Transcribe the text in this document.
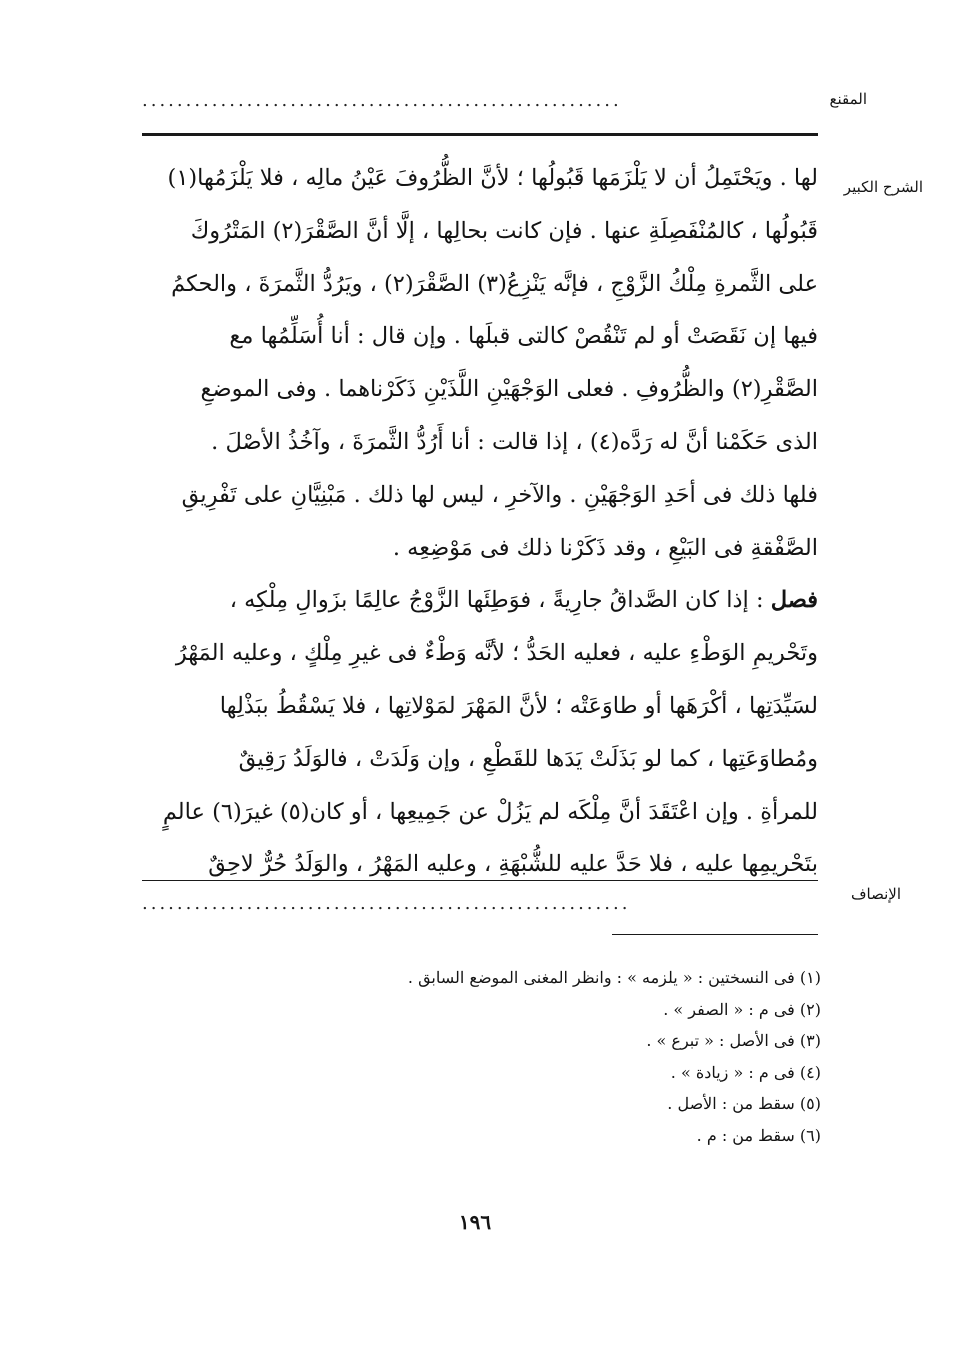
المقنع
.......................................................
الشرح الكبير
لها . ويَحْتَمِلُ أن لا يَلْزَمَها قَبُولُها ؛ لأنَّ الظُّرُوفَ عَيْنُ مالِه ، فلا يَلْزَمُها(١)
قَبُولُها ، كالمُنْفَصِلَةِ عنها . فإن كانت بحالِها ، إلَّا أنَّ الصَّقْرَ(٢) المَتْرُوكَ
على الثَّمرةِ مِلْكُ الزَّوْجِ ، فإنَّه يَنْزِعُ(٣) الصَّقْرَ(٢) ، ويَرُدُّ الثَّمرَةَ ، والحكمُ
فيها إن نَقَصَتْ أو لم تَنْقُصْ كالتى قبلَها . وإن قال : أنا أُسَلِّمُها مع
الصَّقْرِ(٢) والظُّرُوفِ . فعلى الوَجْهَيْنِ اللَّذَيْنِ ذَكَرْناهما . وفى الموضعِ
الذى حَكَمْنا أنَّ له رَدَّه(٤) ، إذا قالت : أنا أَرُدُّ الثَّمرَةَ ، وآخُذُ الأصْلَ .
فلها ذلك فى أحَدِ الوَجْهَيْنِ . والآخرِ ، ليس لها ذلك . مَبْنِيَّانِ على تَفْرِيقِ
الصَّفْقةِ فى البَيْعِ ، وقد ذَكَرْنا ذلك فى مَوْضِعِه .
فصل : إذا كان الصَّداقُ جارِيةً ، فوَطِئَها الزَّوْجُ عالِمًا بزَوالِ مِلْكِه ،
وتَحْريمِ الوَطْءِ عليه ، فعليه الحَدُّ ؛ لأنَّه وَطْءٌ فى غيرِ مِلْكٍ ، وعليه المَهْرُ
لسَيِّدَتِها ، أكْرَهَها أو طاوَعَتْه ؛ لأنَّ المَهْرَ لمَوْلاتِها ، فلا يَسْقُطُ ببَذْلِها
ومُطاوَعَتِها ، كما لو بَذَلَتْ يَدَها للقَطْعِ ، وإن وَلَدَتْ ، فالوَلَدُ رَقِيقٌ
للمرأةِ . وإن اعْتَقَدَ أنَّ مِلْكَه لم يَزُلْ عن جَمِيعِها ، أو كان(٥) غيرَ(٦) عالمٍ
بتَحْريمِها عليه ، فلا حَدَّ عليه للشُّبْهَةِ ، وعليه المَهْرُ ، والوَلَدُ حُرٌّ لاحِقٌ
الإنصاف
........................................................
(١) فى النسختين : « يلزمه » : وانظر المغنى الموضع السابق .
(٢) فى م : « الصفر » .
(٣) فى الأصل : « تبرع » .
(٤) فى م : « زيادة » .
(٥) سقط من : الأصل .
(٦) سقط من : م .
١٩٦
